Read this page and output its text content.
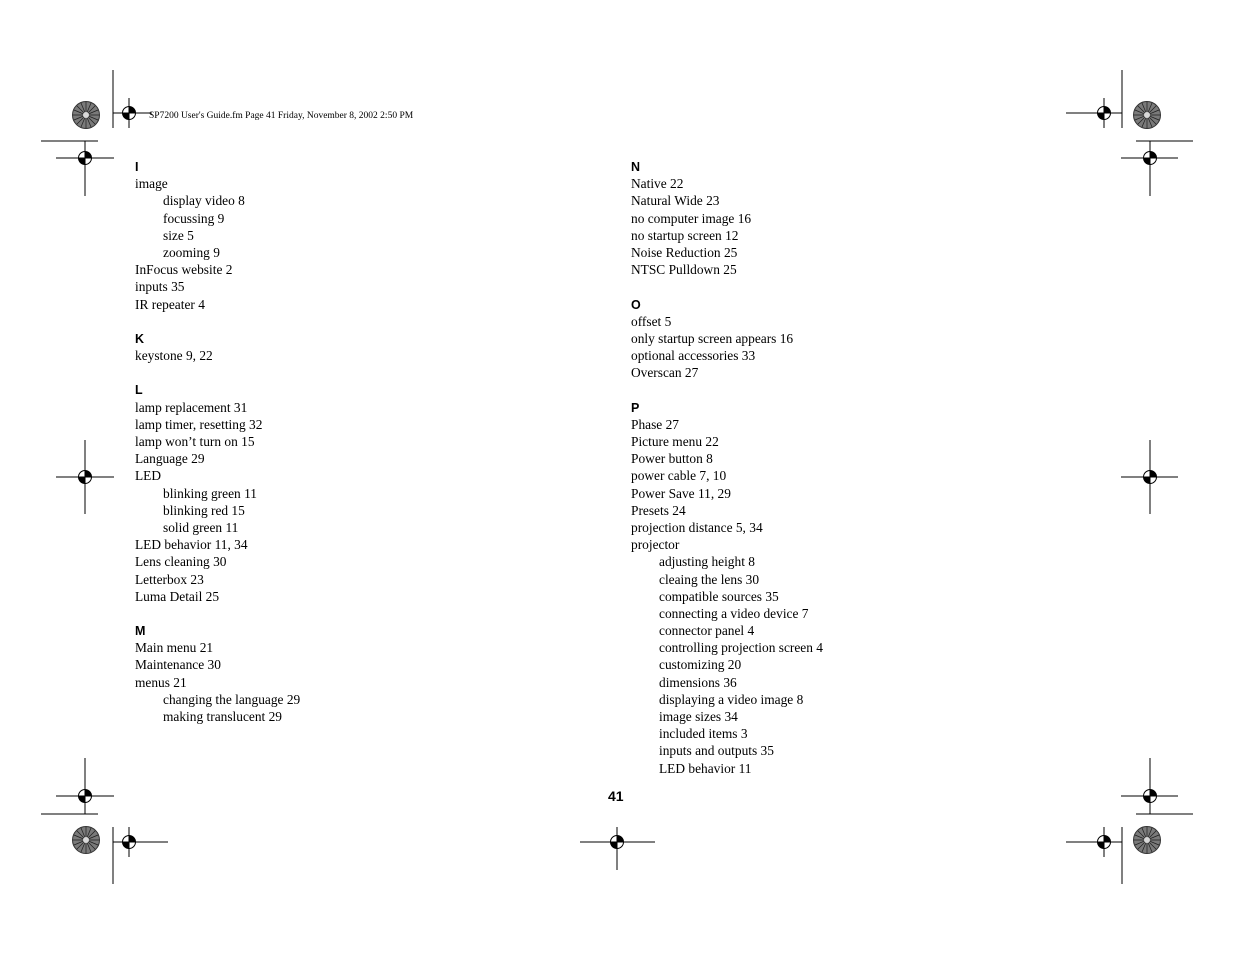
SP7200 User's Guide.fm Page 41 Friday, November 8, 2002 2:50 PM
I
image
display video 8
focussing 9
size 5
zooming 9
InFocus website 2
inputs 35
IR repeater 4
K
keystone 9, 22
L
lamp replacement 31
lamp timer, resetting 32
lamp won’t turn on 15
Language 29
LED
blinking green 11
blinking red 15
solid green 11
LED behavior 11, 34
Lens cleaning 30
Letterbox 23
Luma Detail 25
M
Main menu 21
Maintenance 30
menus 21
changing the language 29
making translucent 29
N
Native 22
Natural Wide 23
no computer image 16
no startup screen 12
Noise Reduction 25
NTSC Pulldown 25
O
offset 5
only startup screen appears 16
optional accessories 33
Overscan 27
P
Phase 27
Picture menu 22
Power button 8
power cable 7, 10
Power Save 11, 29
Presets 24
projection distance 5, 34
projector
adjusting height 8
cleaing the lens 30
compatible sources 35
connecting a video device 7
connector panel 4
controlling projection screen 4
customizing 20
dimensions 36
displaying a video image 8
image sizes 34
included items 3
inputs and outputs 35
LED behavior 11
41
